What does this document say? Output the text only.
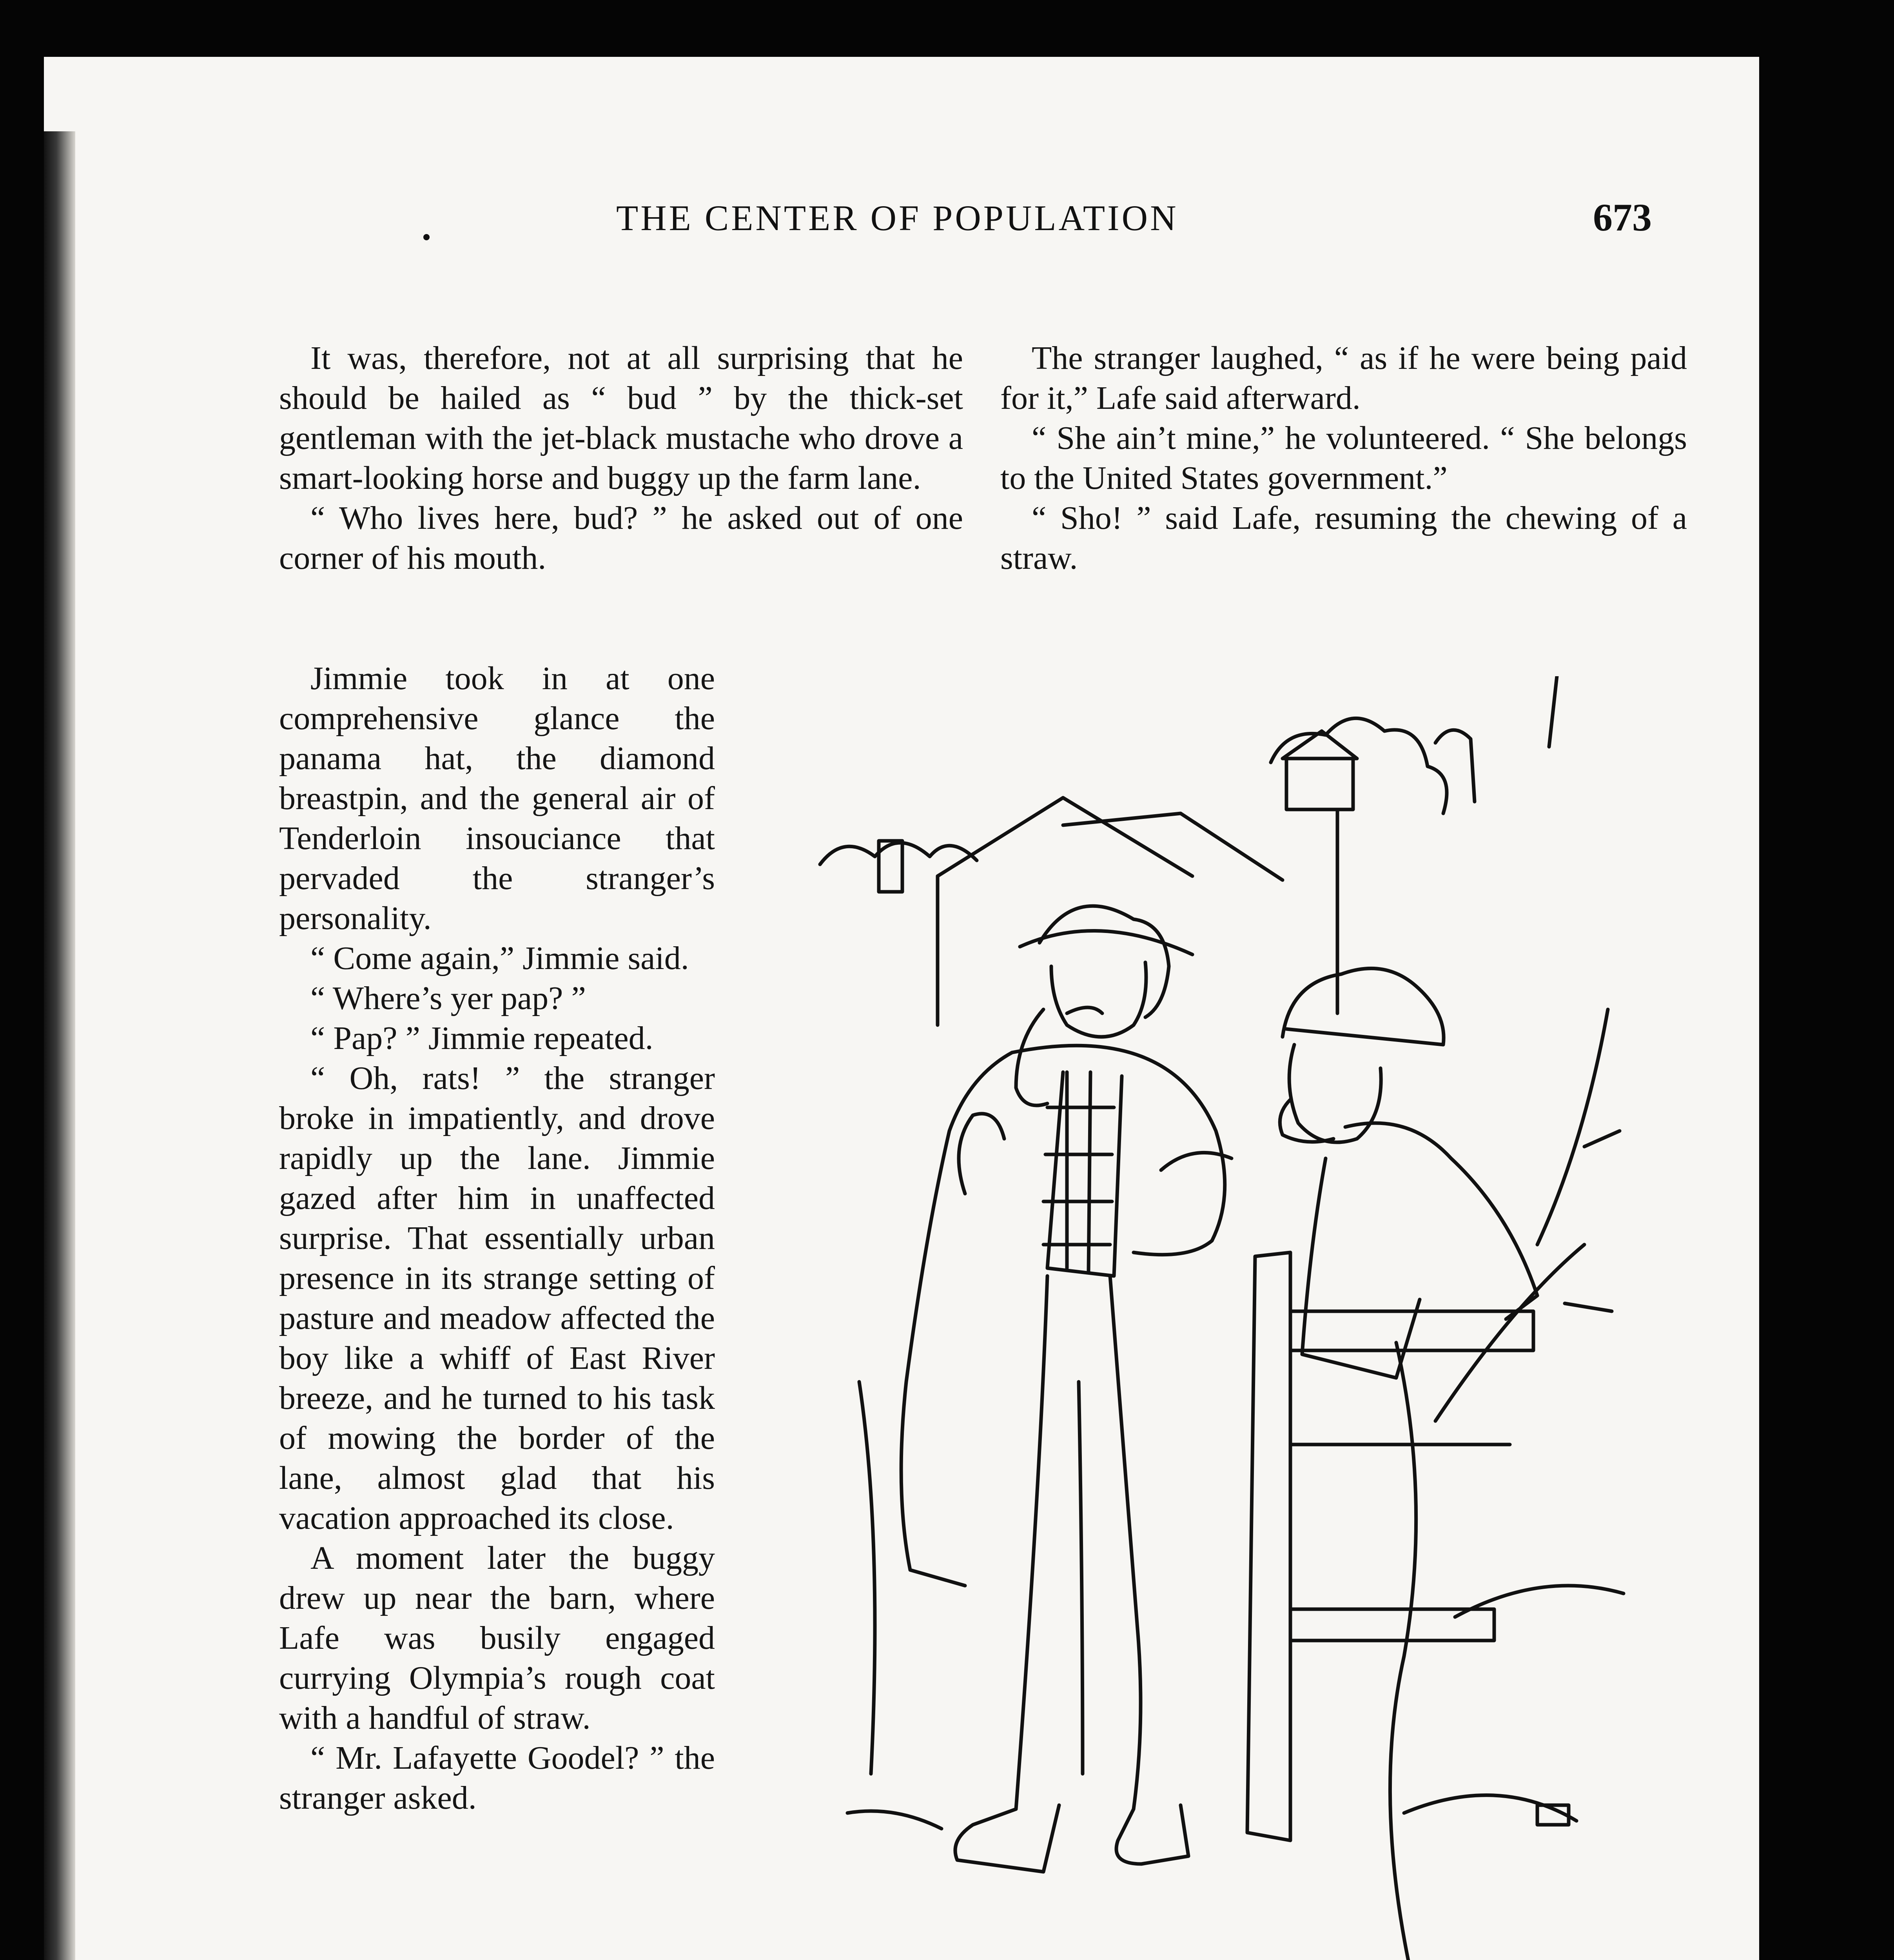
THE CENTER OF POPULATION	673

It was, therefore, not at all surprising that he should be hailed as “ bud ” by the thick-set gentleman with the jet-black mustache who drove a smart-looking horse and buggy up the farm lane.

“ Who lives here, bud? ” he asked out of one corner of his mouth.

Jimmie took in at one comprehensive glance the panama hat, the diamond breastpin, and the general air of Tenderloin insouciance that pervaded the stranger’s personality.

“ Come again,” Jimmie said.

“ Where’s yer pap? ”

“ Pap? ” Jimmie repeated.

“ Oh, rats! ” the stranger broke in impatiently, and drove rapidly up the lane. Jimmie gazed after him in unaffected surprise. That essentially urban presence in its strange setting of pasture and meadow affected the boy like a whiff of East River breeze, and he turned to his task of mowing the border of the lane, almost glad that his vacation approached its close.

A moment later the buggy drew up near the barn, where Lafe was busily engaged currying Olympia’s rough coat with a handful of straw.

“ Mr. Lafayette Goodel? ” the stranger asked.

The stranger laughed, “ as if he were being paid for it,” Lafe said afterward.

“ She ain’t mine,” he volunteered. “ She belongs to the United States government.”

“ Sho! ” said Lafe, resuming the chewing of a straw.
